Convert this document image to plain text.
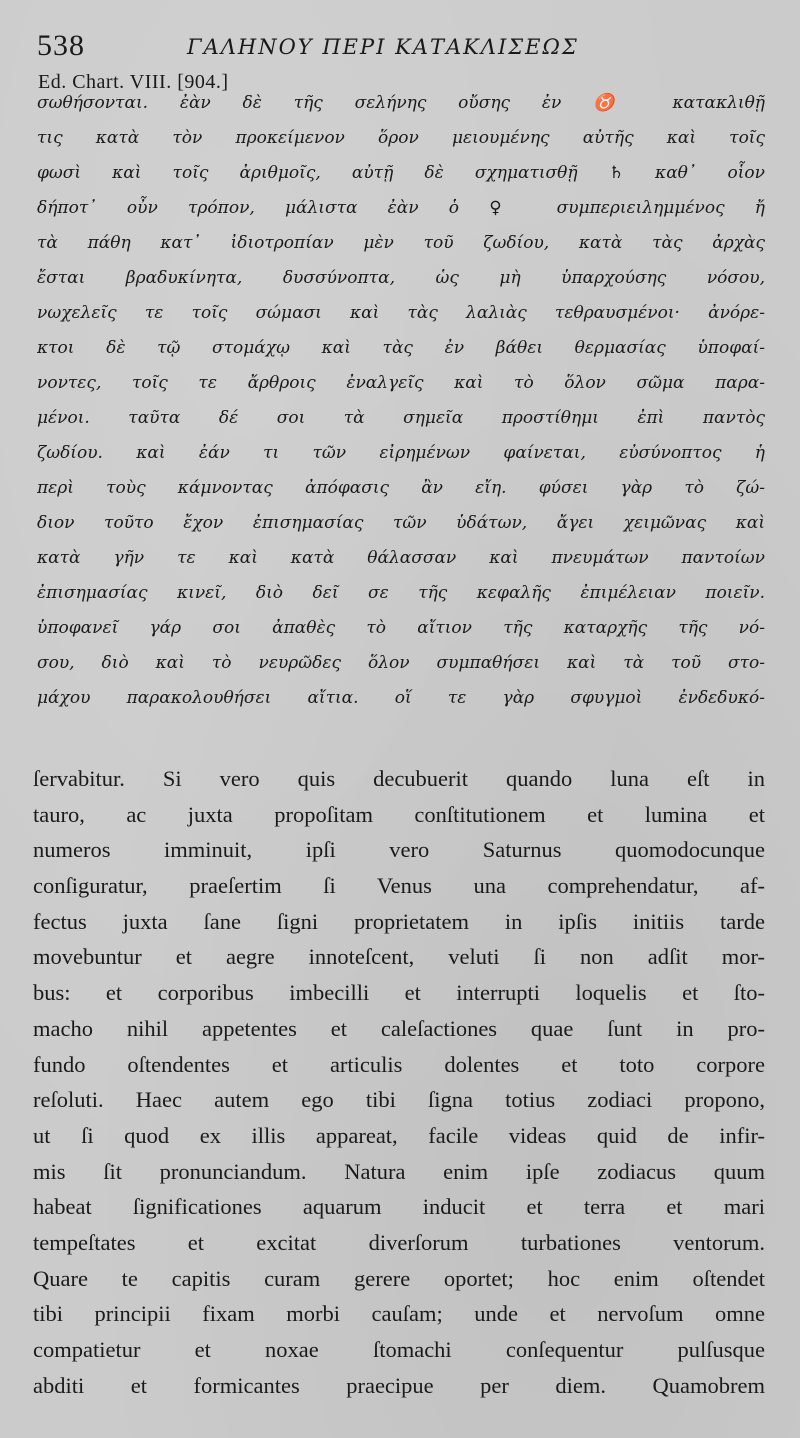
538	ΓΑΛΗΝΟΥ ΠΕΡΙ ΚΑΤΑΚΛΙΣΕΩΣ
Ed. Chart. VIII. [904.]
σωθήσονται. ἐὰν δὲ τῆς σελήνης οὔσης ἐν ♉ κατακλιθῇ
τις κατὰ τὸν προκείμενον ὅρον μειουμένης αὐτῆς καὶ τοῖς
φωσὶ καὶ τοῖς ἀριθμοῖς, αὐτῇ δὲ σχηματισθῇ ♄ καθ᾽ οἷον
δήποτ᾽ οὖν τρόπον, μάλιστα ἐὰν ὁ ♀ συμπεριειλημμένος ἤ
τὰ πάθη κατ᾽ ἰδιοτροπίαν μὲν τοῦ ζωδίου, κατὰ τὰς ἀρχὰς
ἔσται βραδυκίνητα, δυσσύνοπτα, ὡς μὴ ὑπαρχούσης νόσου,
νωχελεῖς τε τοῖς σώμασι καὶ τὰς λαλιὰς τεθραυσμένοι· ἀνόρε-
κτοι δὲ τῷ στομάχῳ καὶ τὰς ἐν βάθει θερμασίας ὑποφαί-
νοντες, τοῖς τε ἄρθροις ἐναλγεῖς καὶ τὸ ὅλον σῶμα παρα-
μένοι. ταῦτα δέ σοι τὰ σημεῖα προστίθημι ἐπὶ παντὸς
ζωδίου. καὶ ἐάν τι τῶν εἰρημένων φαίνεται, εὐσύνοπτος ἡ
περὶ τοὺς κάμνοντας ἀπόφασις ἂν εἴη. φύσει γὰρ τὸ ζώ-
διον τοῦτο ἔχον ἐπισημασίας τῶν ὑδάτων, ἄγει χειμῶνας καὶ
κατὰ γῆν τε καὶ κατὰ θάλασσαν καὶ πνευμάτων παντοίων
ἐπισημασίας κινεῖ, διὸ δεῖ σε τῆς κεφαλῆς ἐπιμέλειαν ποιεῖν.
ὑποφανεῖ γάρ σοι ἀπαθὲς τὸ αἴτιον τῆς καταρχῆς τῆς νό-
σου, διὸ καὶ τὸ νευρῶδες ὅλον συμπαθήσει καὶ τὰ τοῦ στο-
μάχου παρακολουθήσει αἴτια. οἵ τε γὰρ σφυγμοὶ ἐνδεδυκό-
ſervabitur. Si vero quis decubuerit quando luna eſt in
tauro, ac juxta propoſitam conſtitutionem et lumina et
numeros imminuit, ipſi vero Saturnus quomodocunque
conſiguratur, praeſertim ſi Venus una comprehendatur, af-
fectus juxta ſane ſigni proprietatem in ipſis initiis tarde
movebuntur et aegre innoteſcent, veluti ſi non adſit mor-
bus: et corporibus imbecilli et interrupti loquelis et ſto-
macho nihil appetentes et caleſactiones quae ſunt in pro-
fundo oſtendentes et articulis dolentes et toto corpore
reſoluti. Haec autem ego tibi ſigna totius zodiaci propono,
ut ſi quod ex illis appareat, facile videas quid de infir-
mis ſit pronunciandum. Natura enim ipſe zodiacus quum
habeat ſignificationes aquarum inducit et terra et mari
tempeſtates et excitat diverſorum turbationes ventorum.
Quare te capitis curam gerere oportet; hoc enim oſtendet
tibi principii fixam morbi cauſam; unde et nervoſum omne
compatietur et noxae ſtomachi conſequentur pulſusque
abditi et formicantes praecipue per diem. Quamobrem
